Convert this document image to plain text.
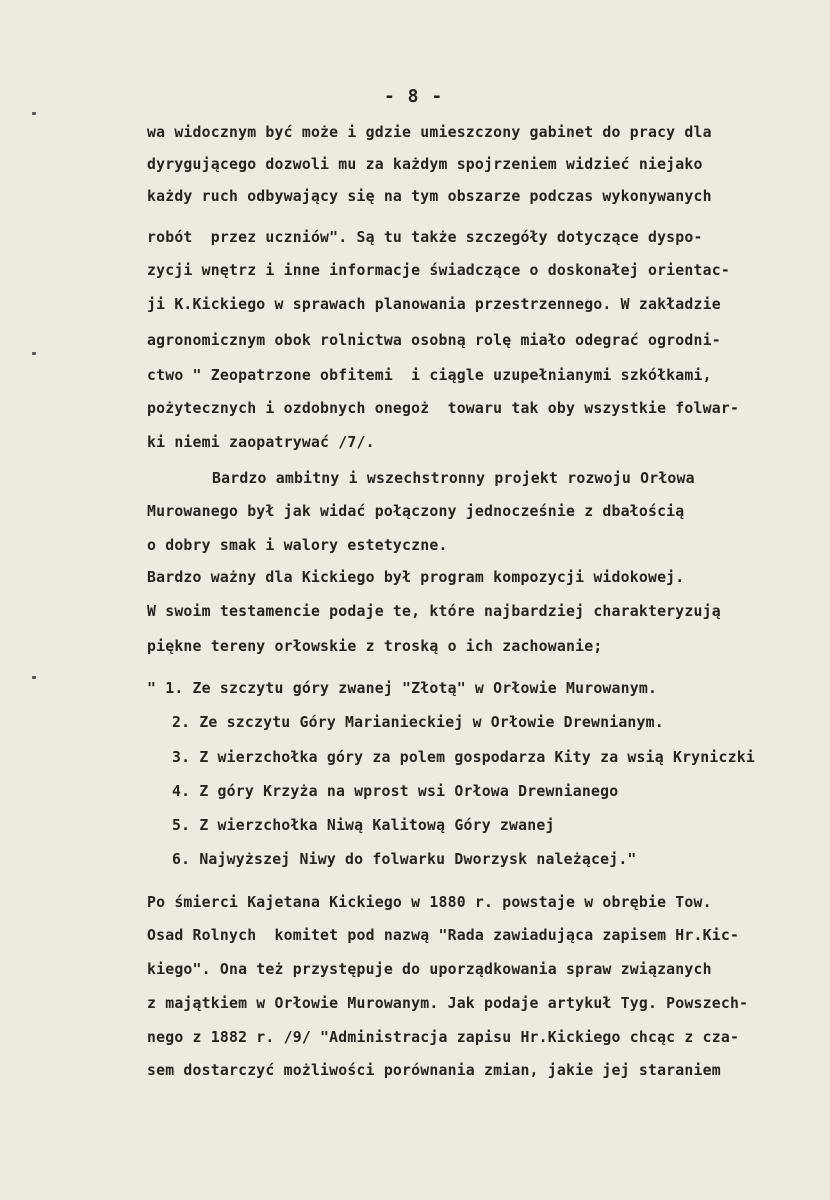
- 8 -
wa widocznym być może i gdzie umieszczony gabinet do pracy dla
dyrygującego dozwoli mu za każdym spojrzeniem widzieć niejako
każdy ruch odbywający się na tym obszarze podczas wykonywanych
robót  przez uczniów". Są tu także szczegóły dotyczące dyspo-
zycji wnętrz i inne informacje świadczące o doskonałej orientac-
ji K.Kickiego w sprawach planowania przestrzennego. W zakładzie
agronomicznym obok rolnictwa osobną rolę miało odegrać ogrodni-
ctwo " Zeopatrzone obfitemi  i ciągle uzupełnianymi szkółkami,
pożytecznych i ozdobnych onegoż  towaru tak oby wszystkie folwar-
ki niemi zaopatrywać /7/.
Bardzo ambitny i wszechstronny projekt rozwoju Orłowa
Murowanego był jak widać połączony jednocześnie z dbałością
o dobry smak i walory estetyczne.
Bardzo ważny dla Kickiego był program kompozycji widokowej.
W swoim testamencie podaje te, które najbardziej charakteryzują
piękne tereny orłowskie z troską o ich zachowanie;
" 1. Ze szczytu góry zwanej "Złotą" w Orłowie Murowanym.
2. Ze szczytu Góry Marianieckiej w Orłowie Drewnianym.
3. Z wierzchołka góry za polem gospodarza Kity za wsią Kryniczki
4. Z góry Krzyża na wprost wsi Orłowa Drewnianego
5. Z wierzchołka Niwą Kalitową Góry zwanej
6. Najwyższej Niwy do folwarku Dworzysk należącej."
Po śmierci Kajetana Kickiego w 1880 r. powstaje w obrębie Tow.
Osad Rolnych  komitet pod nazwą "Rada zawiadująca zapisem Hr.Kic-
kiego". Ona też przystępuje do uporządkowania spraw związanych
z majątkiem w Orłowie Murowanym. Jak podaje artykuł Tyg. Powszech-
nego z 1882 r. /9/ "Administracja zapisu Hr.Kickiego chcąc z cza-
sem dostarczyć możliwości porównania zmian, jakie jej staraniem
